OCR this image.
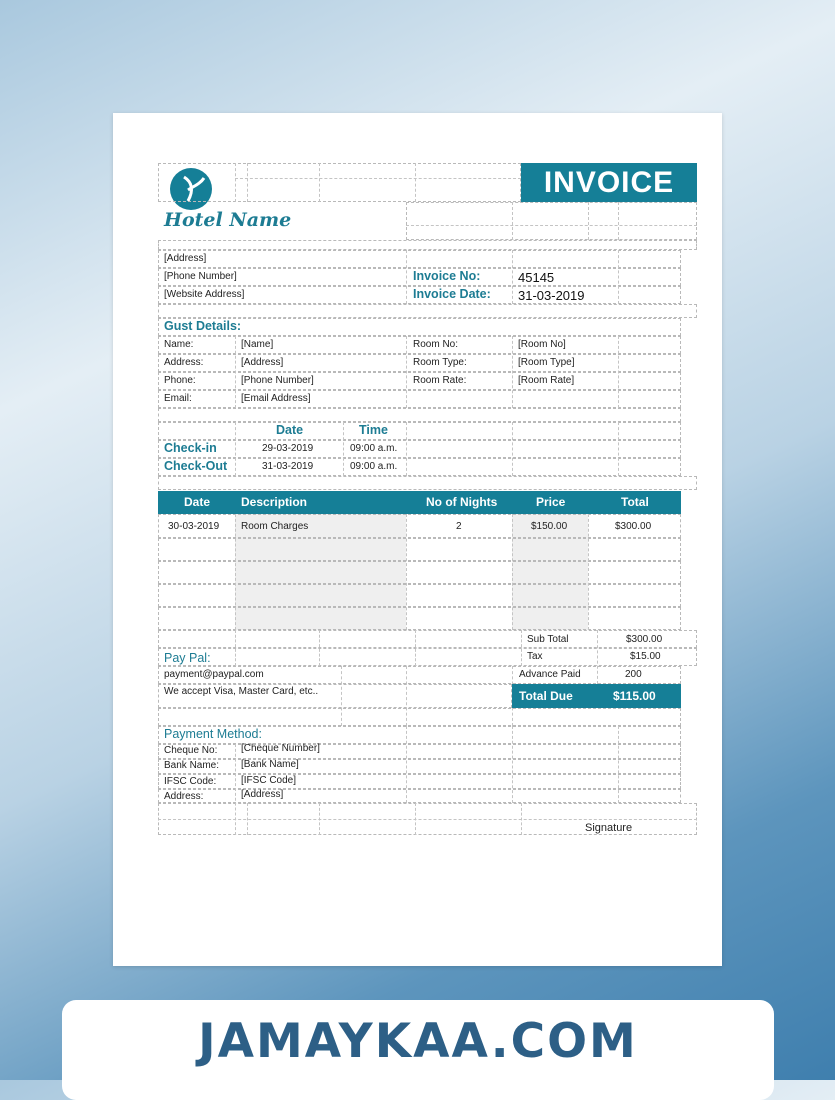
Hotel Name
INVOICE
[Address]
[Phone Number]
[Website Address]
Invoice No:	45145
Invoice Date: 31-03-2019
Gust Details:
Name:	[Name]
Address:	[Address]
Phone:	[Phone Number]
Email:	[Email Address]
Room No:	[Room No]
Room Type:	[Room Type]
Room Rate:	[Room Rate]
Date	Time
Check-in	29-03-2019	09:00 a.m.
Check-Out	31-03-2019	09:00 a.m.
Date	Description	No of Nights	Price	Total
30-03-2019 Room Charges	2	$150.00	$300.00
Sub Total	$300.00
Tax	$15.00
Advance Paid	200
Total Due	$115.00
Pay Pal:
payment@paypal.com
We accept Visa, Master Card, etc..
Payment Method:
Cheque No: [Cheque Number]
Bank Name: [Bank Name]
IFSC Code: [IFSC Code]
Address:	[Address]
Signature
JAMAYKAA.COM
